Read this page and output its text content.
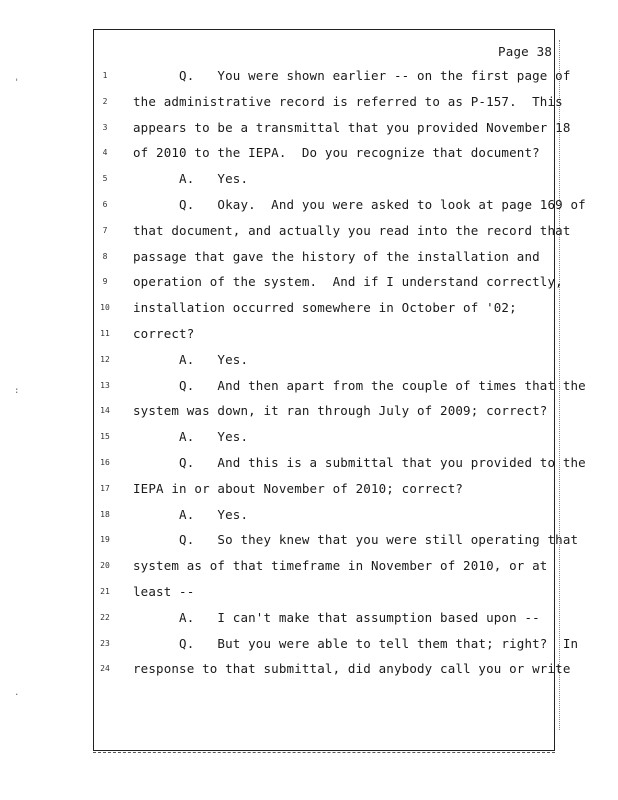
'
:
.
Page 38
1	Q.   You were shown earlier -- on the first page of
2	the administrative record is referred to as P-157.  This
3	appears to be a transmittal that you provided November 18
4	of 2010 to the IEPA.  Do you recognize that document?
5	A.   Yes.
6	Q.   Okay.  And you were asked to look at page 169 of
7	that document, and actually you read into the record that
8	passage that gave the history of the installation and
9	operation of the system.  And if I understand correctly,
10	installation occurred somewhere in October of '02;
11	correct?
12	A.   Yes.
13	Q.   And then apart from the couple of times that the
14	system was down, it ran through July of 2009; correct?
15	A.   Yes.
16	Q.   And this is a submittal that you provided to the
17	IEPA in or about November of 2010; correct?
18	A.   Yes.
19	Q.   So they knew that you were still operating that
20	system as of that timeframe in November of 2010, or at
21	least --
22	A.   I can't make that assumption based upon --
23	Q.   But you were able to tell them that; right?  In
24	response to that submittal, did anybody call you or write
